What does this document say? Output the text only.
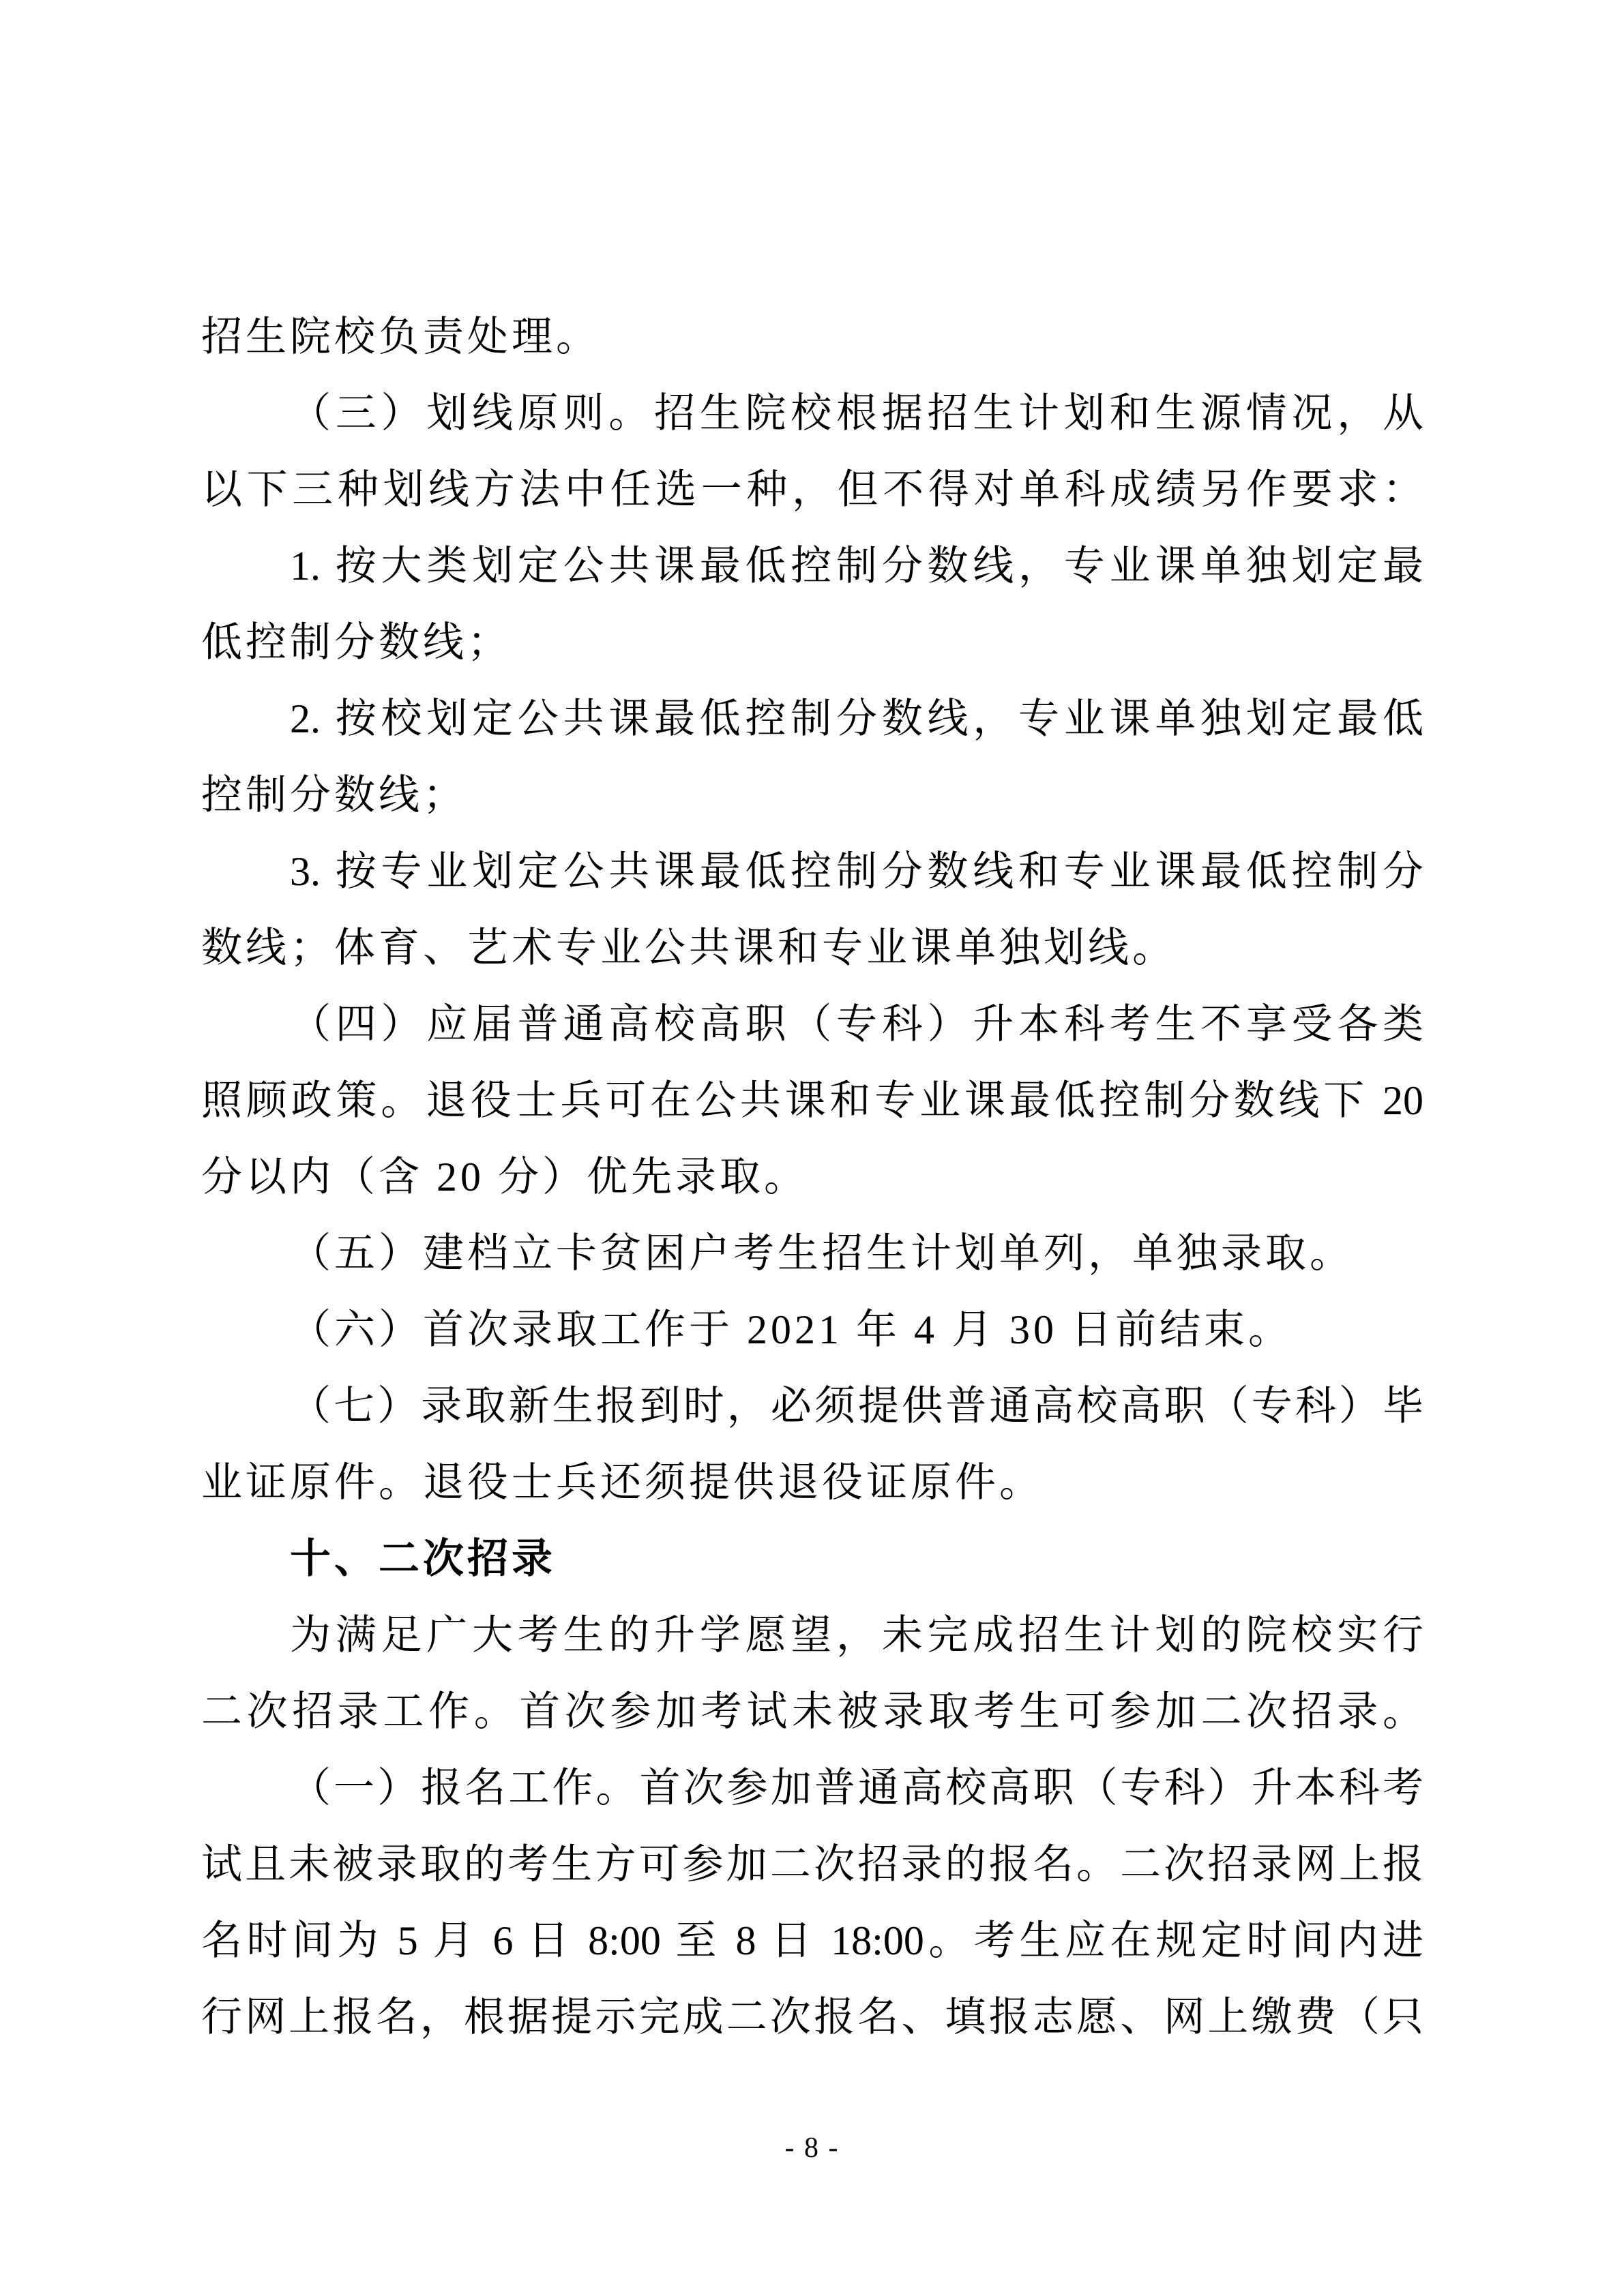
招生院校负责处理。
（三）划线原则。招生院校根据招生计划和生源情况，从
以下三种划线方法中任选一种，但不得对单科成绩另作要求：
1. 按大类划定公共课最低控制分数线，专业课单独划定最
低控制分数线；
2. 按校划定公共课最低控制分数线，专业课单独划定最低
控制分数线；
3. 按专业划定公共课最低控制分数线和专业课最低控制分
数线；体育、艺术专业公共课和专业课单独划线。
（四）应届普通高校高职（专科）升本科考生不享受各类
照顾政策。退役士兵可在公共课和专业课最低控制分数线下 20
分以内（含 20 分）优先录取。
（五）建档立卡贫困户考生招生计划单列，单独录取。
（六）首次录取工作于 2021 年 4 月 30 日前结束。
（七）录取新生报到时，必须提供普通高校高职（专科）毕
业证原件。退役士兵还须提供退役证原件。
十、二次招录
为满足广大考生的升学愿望，未完成招生计划的院校实行
二次招录工作。首次参加考试未被录取考生可参加二次招录。
（一）报名工作。首次参加普通高校高职（专科）升本科考
试且未被录取的考生方可参加二次招录的报名。二次招录网上报
名时间为 5 月 6 日 8:00 至 8 日 18:00。考生应在规定时间内进
行网上报名，根据提示完成二次报名、填报志愿、网上缴费（只
- 8 -
